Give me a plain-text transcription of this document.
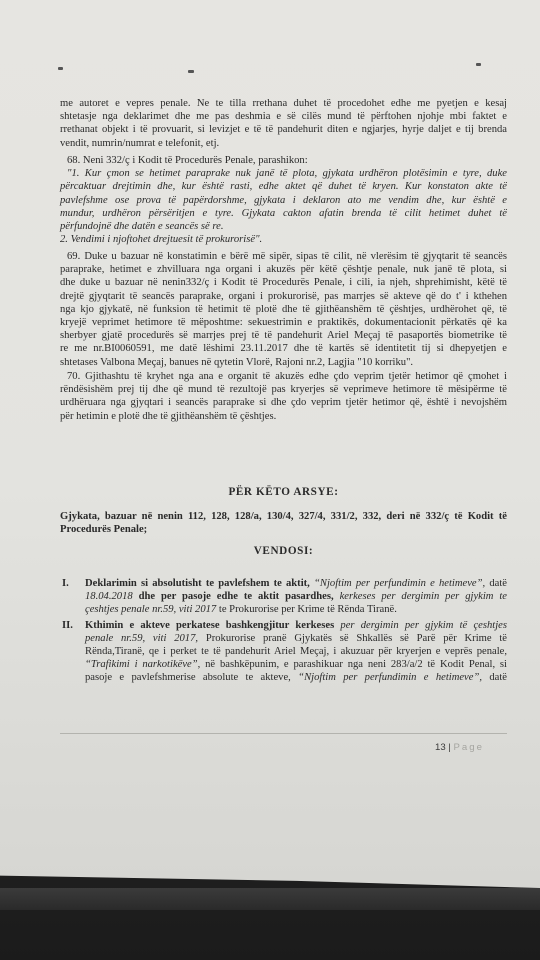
me autoret e vepres penale. Ne te tilla rrethana duhet të procedohet edhe me pyetjen e kesaj
shtetasje nga deklarimet dhe me pas deshmia e së cilës mund të përftohen njohje mbi faktet e
rrethanat objekt i të provuarit, si levizjet e të të pandehurit diten e ngjarjes, hyrje daljet e tij brenda
vendit, numrin/numrat e telefonit, etj.
68. Neni 332/ç i Kodit të Procedurës Penale, parashikon:
"1. Kur çmon se hetimet paraprake nuk janë të plota, gjykata urdhëron plotësimin e tyre, duke
përcaktuar drejtimin dhe, kur është rasti, edhe aktet që duhet të kryen. Kur konstaton akte të
pavlefshme ose prova të papërdorshme, gjykata i deklaron ato me vendim dhe, kur është e
mundur, urdhëron përsëritjen e tyre. Gjykata cakton afatin brenda të cilit hetimet duhet të
përfundojnë dhe datën e seancës së re.
2. Vendimi i njoftohet drejtuesit të prokurorisë".
69. Duke u bazuar në konstatimin e bërë më sipër, sipas të cilit, në vlerësim të gjyqtarit të seancës
paraprake, hetimet e zhvilluara nga organi i akuzës për këtë çështje penale, nuk janë të plota, si
dhe duke u bazuar në nenin332/ç i Kodit të Procedurës Penale, i cili, ia njeh, shprehimisht, këtë të
drejtë gjyqtarit të seancës paraprake, organi i prokurorisë, pas marrjes së akteve që do t' i kthehen
nga kjo gjykatë, në funksion të hetimit të plotë dhe të gjithëanshëm të çështjes, urdhërohet që, të
kryejë veprimet hetimore të mëposhtme: sekuestrimin e praktikës, dokumentacionit përkatës që ka
sherbyer gjatë procedurës së marrjes prej të të pandehurit Ariel Meçaj të pasaportës biometrike të
re me nr.BI0060591, me datë lëshimi 23.11.2017 dhe të kartës së identitetit tij si dhepyetjen e
shtetases Valbona Meçaj, banues në qytetin Vlorë, Rajoni nr.2, Lagjia "10 korriku".
70. Gjithashtu të kryhet nga ana e organit të akuzës edhe çdo veprim tjetër hetimor që çmohet i
rëndësishëm prej tij dhe që mund të rezultojë pas kryerjes së veprimeve hetimore të mësipërme të
urdhëruara nga gjyqtari i seancës paraprake si dhe çdo veprim tjetër hetimor që, është i nevojshëm
për hetimin e plotë dhe të gjithëanshëm të çështjes.
PËR KËTO ARSYE:
Gjykata, bazuar në nenin 112, 128, 128/a, 130/4, 327/4, 331/2, 332, deri në 332/ç të Kodit të
Procedurës Penale;
VENDOSI:
I. Deklarimin si absolutisht te pavlefshem te aktit, “Njoftim per perfundimin e hetimeve”, datë
18.04.2018 dhe per pasoje edhe te aktit pasardhes, kerkeses per dergimin per gjykim te
çeshtjes penale nr.59, viti 2017 te Prokurorise per Krime të Rënda Tiranë.
II. Kthimin e akteve perkatese bashkengjitur kerkeses per dergimin per gjykim të çeshtjes
penale nr.59, viti 2017, Prokurorise pranë Gjykatës së Shkallës së Parë për Krime të
Rënda,Tiranë, qe i perket te të pandehurit Ariel Meçaj, i akuzuar për kryerjen e veprës penale,
“Trafikimi i narkotikëve”, në bashkëpunim, e parashikuar nga neni 283/a/2 të Kodit Penal, si
pasoje e pavlefshmerise absolute te akteve, “Njoftim per perfundimin e hetimeve”, datë
13 | Page
